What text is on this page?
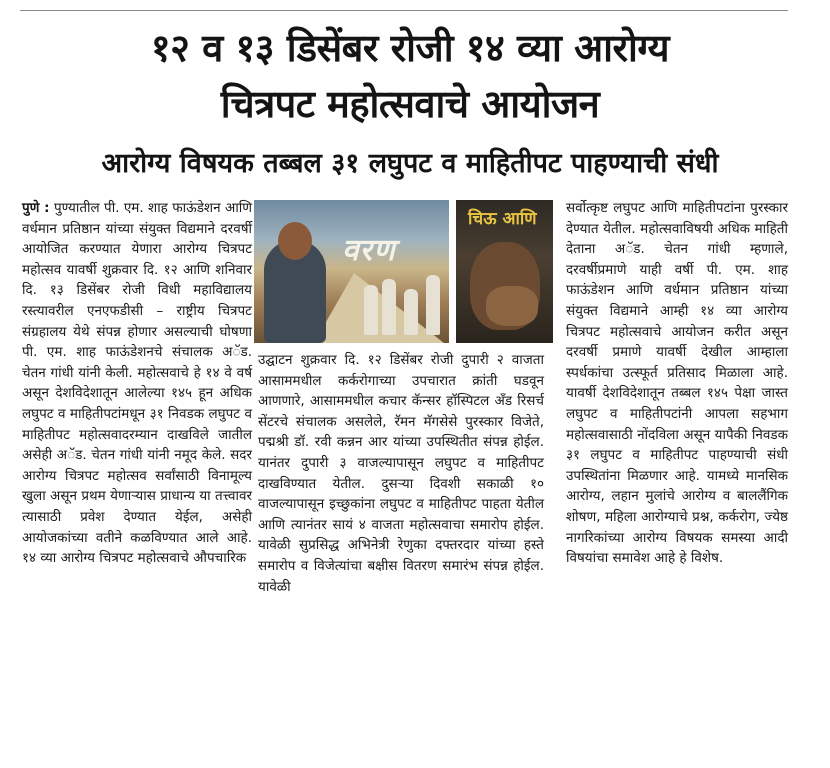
१२ व १३ डिसेंबर रोजी १४ व्या आरोग्य
चित्रपट महोत्सवाचे आयोजन
आरोग्य विषयक तब्बल ३१ लघुपट व माहितीपट पाहण्याची संधी

पुणे : पुण्यातील पी. एम. शाह फाऊंडेशन आणि वर्धमान प्रतिष्ठान यांच्या संयुक्त विद्यमाने दरवर्षी आयोजित करण्यात येणारा आरोग्य चित्रपट महोत्सव यावर्षी शुक्रवार दि. १२ आणि शनिवार दि. १३ डिसेंबर रोजी विधी महाविद्यालय रस्त्यावरील एनएफडीसी – राष्ट्रीय चित्रपट संग्रहालय येथे संपन्न होणार असल्याची घोषणा पी. एम. शाह फाऊंडेशनचे संचालक अॅड. चेतन गांधी यांनी केली. महोत्सवाचे हे १४ वे वर्ष असून देशविदेशातून आलेल्या १४५ हून अधिक लघुपट व माहितीपटांमधून ३१ निवडक लघुपट व माहितीपट महोत्सवादरम्यान दाखविले जातील असेही अॅड. चेतन गांधी यांनी नमूद केले. सदर आरोग्य चित्रपट महोत्सव सर्वांसाठी विनामूल्य खुला असून प्रथम येणाऱ्यास प्राधान्य या तत्त्वावर त्यासाठी प्रवेश देण्यात येईल, असेही आयोजकांच्या वतीने कळविण्यात आले आहे. १४ व्या आरोग्य चित्रपट महोत्सवाचे औपचारिक

वरण
चिऊ आणि

उद्घाटन शुक्रवार दि. १२ डिसेंबर रोजी दुपारी २ वाजता आसाममधील कर्करोगाच्या उपचारात क्रांती घडवून आणणारे, आसाममधील कचार कॅन्सर हॉस्पिटल अँड रिसर्च सेंटरचे संचालक असलेले, रॅमन मॅगसेसे पुरस्कार विजेते, पद्मश्री डॉ. रवी कन्नन आर यांच्या उपस्थितीत संपन्न होईल. यानंतर दुपारी ३ वाजल्यापासून लघुपट व माहितीपट दाखविण्यात येतील. दुसऱ्या दिवशी सकाळी १० वाजल्यापासून इच्छुकांना लघुपट व माहितीपट पाहता येतील आणि त्यानंतर सायं ४ वाजता महोत्सवाचा समारोप होईल. यावेळी सुप्रसिद्ध अभिनेत्री रेणुका दफ्तरदार यांच्या हस्ते समारोप व विजेत्यांचा बक्षीस वितरण समारंभ संपन्न होईल. यावेळी

सर्वोत्कृष्ट लघुपट आणि माहितीपटांना पुरस्कार देण्यात येतील. महोत्सवाविषयी अधिक माहिती देताना अॅड. चेतन गांधी म्हणाले, दरवर्षीप्रमाणे याही वर्षी पी. एम. शाह फाऊंडेशन आणि वर्धमान प्रतिष्ठान यांच्या संयुक्त विद्यमाने आम्ही १४ व्या आरोग्य चित्रपट महोत्सवाचे आयोजन करीत असून दरवर्षी प्रमाणे यावर्षी देखील आम्हाला स्पर्धकांचा उत्स्फूर्त प्रतिसाद मिळाला आहे. यावर्षी देशविदेशातून तब्बल १४५ पेक्षा जास्त लघुपट व माहितीपटांनी आपला सहभाग महोत्सवासाठी नोंदविला असून यापैकी निवडक ३१ लघुपट व माहितीपट पाहण्याची संधी उपस्थितांना मिळणार आहे. यामध्ये मानसिक आरोग्य, लहान मुलांचे आरोग्य व बाललैंगिक शोषण, महिला आरोग्याचे प्रश्न, कर्करोग, ज्येष्ठ नागरिकांच्या आरोग्य विषयक समस्या आदी विषयांचा समावेश आहे हे विशेष.
